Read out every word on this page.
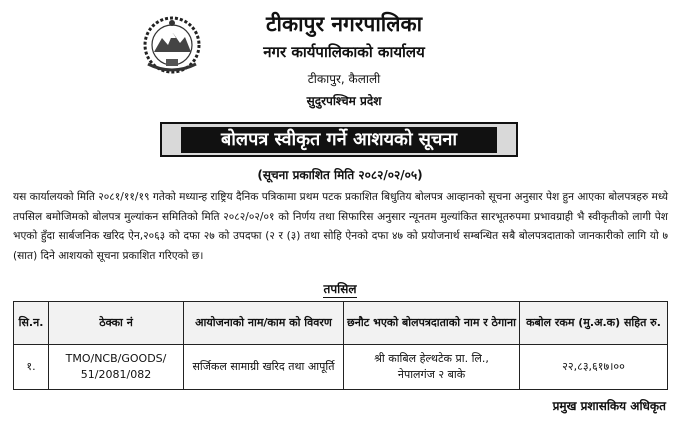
टीकापुर नगरपालिका
नगर कार्यपालिकाको कार्यालय
टीकापुर, कैलाली
सुदुरपश्चिम प्रदेश
बोलपत्र स्वीकृत गर्ने आशयको सूचना
(सूचना प्रकाशित मिति २०८२/०२/०५)
यस कार्यालयको मिति २०८१/११/१९ गतेको मध्यान्ह राष्ट्रिय दैनिक पत्रिकामा प्रथम पटक प्रकाशित बिधुतिय बोलपत्र आव्हानको सूचना अनुसार पेश हुन आएका बोलपत्रहरु मध्ये तपसिल बमोजिमको बोलपत्र मुल्यांकन समितिको मिति २०८२/०२/०१ को निर्णय तथा सिफारिस अनुसार न्यूनतम मुल्यांकित सारभूतरुपमा प्रभावग्राही भै स्वीकृतीको लागी पेश भएको हुँदा सार्बजनिक खरिद ऐन,२०६३ को दफा २७ को उपदफा (२ र (३) तथा सोहि ऐनको दफा ४७ को प्रयोजनार्थ सम्बन्धित सबै बोलपत्रदाताको जानकारीको लागि यो ७ (सात) दिने आशयको सूचना प्रकाशित गरिएको छ।
तपसिल
सि.न.	ठेक्का नं	आयोजनाको नाम/काम को विवरण	छनौट भएको बोलपत्रदाताको नाम र ठेगाना	कबोल रकम (मु.अ.क) सहित रु.
१.	TMO/NCB/GOODS/
51/2081/082	सर्जिकल सामाग्री खरिद तथा आपूर्ति	श्री काबिल हेल्थटेक प्रा. लि.,
नेपालगंज २ बाके	२२,८३,६१७।००
प्रमुख प्रशासकिय अधिकृत
